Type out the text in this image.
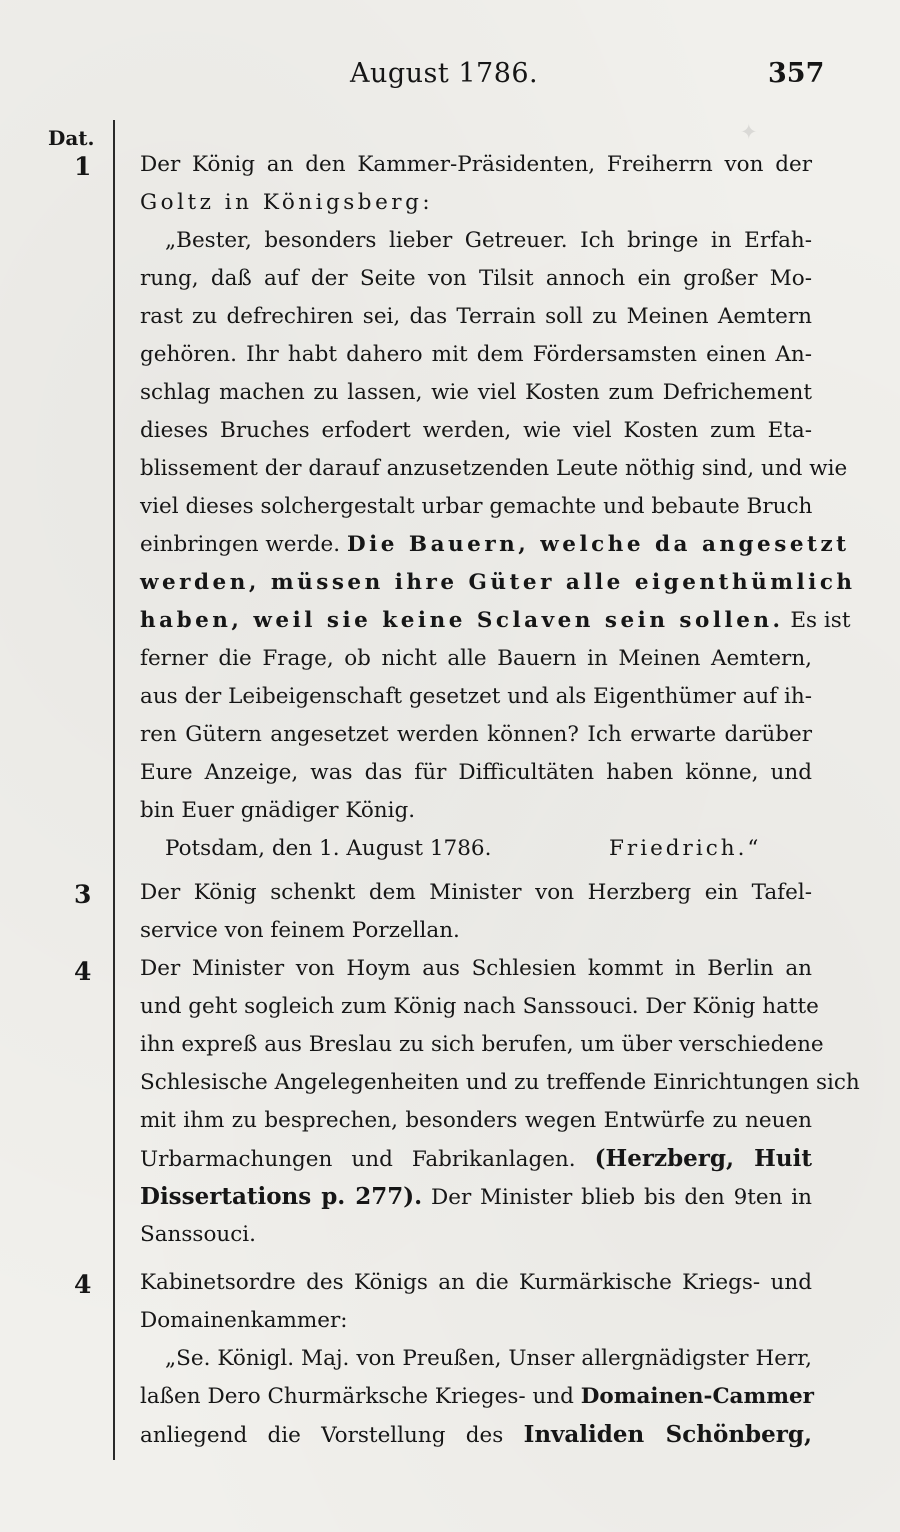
August 1786.	357
✦
Dat.
1
3
4
4
Der König an den Kammer-Präsidenten, Freiherrn von der
Goltz in Königsberg:
„Bester, besonders lieber Getreuer. Ich bringe in Erfah-
rung, daß auf der Seite von Tilsit annoch ein großer Mo-
rast zu defrechiren sei, das Terrain soll zu Meinen Aemtern
gehören. Ihr habt dahero mit dem Fördersamsten einen An-
schlag machen zu lassen, wie viel Kosten zum Defrichement
dieses Bruches erfodert werden, wie viel Kosten zum Eta-
blissement der darauf anzusetzenden Leute nöthig sind, und wie
viel dieses solchergestalt urbar gemachte und bebaute Bruch
einbringen werde. Die Bauern, welche da angesetzt
werden, müssen ihre Güter alle eigenthümlich
haben, weil sie keine Sclaven sein sollen. Es ist
ferner die Frage, ob nicht alle Bauern in Meinen Aemtern,
aus der Leibeigenschaft gesetzet und als Eigenthümer auf ih-
ren Gütern angesetzet werden können? Ich erwarte darüber
Eure Anzeige, was das für Difficultäten haben könne, und
bin Euer gnädiger König.
Potsdam, den 1. August 1786.	Friedrich.“
Der König schenkt dem Minister von Herzberg ein Tafel-
service von feinem Porzellan.
Der Minister von Hoym aus Schlesien kommt in Berlin an
und geht sogleich zum König nach Sanssouci. Der König hatte
ihn expreß aus Breslau zu sich berufen, um über verschiedene
Schlesische Angelegenheiten und zu treffende Einrichtungen sich
mit ihm zu besprechen, besonders wegen Entwürfe zu neuen
Urbarmachungen und Fabrikanlagen. (Herzberg, Huit
Dissertations p. 277). Der Minister blieb bis den 9ten in
Sanssouci.
Kabinetsordre des Königs an die Kurmärkische Kriegs- und
Domainenkammer:
„Se. Königl. Maj. von Preußen, Unser allergnädigster Herr,
laßen Dero Churmärksche Krieges- und Domainen-Cammer
anliegend die Vorstellung des Invaliden Schönberg,
